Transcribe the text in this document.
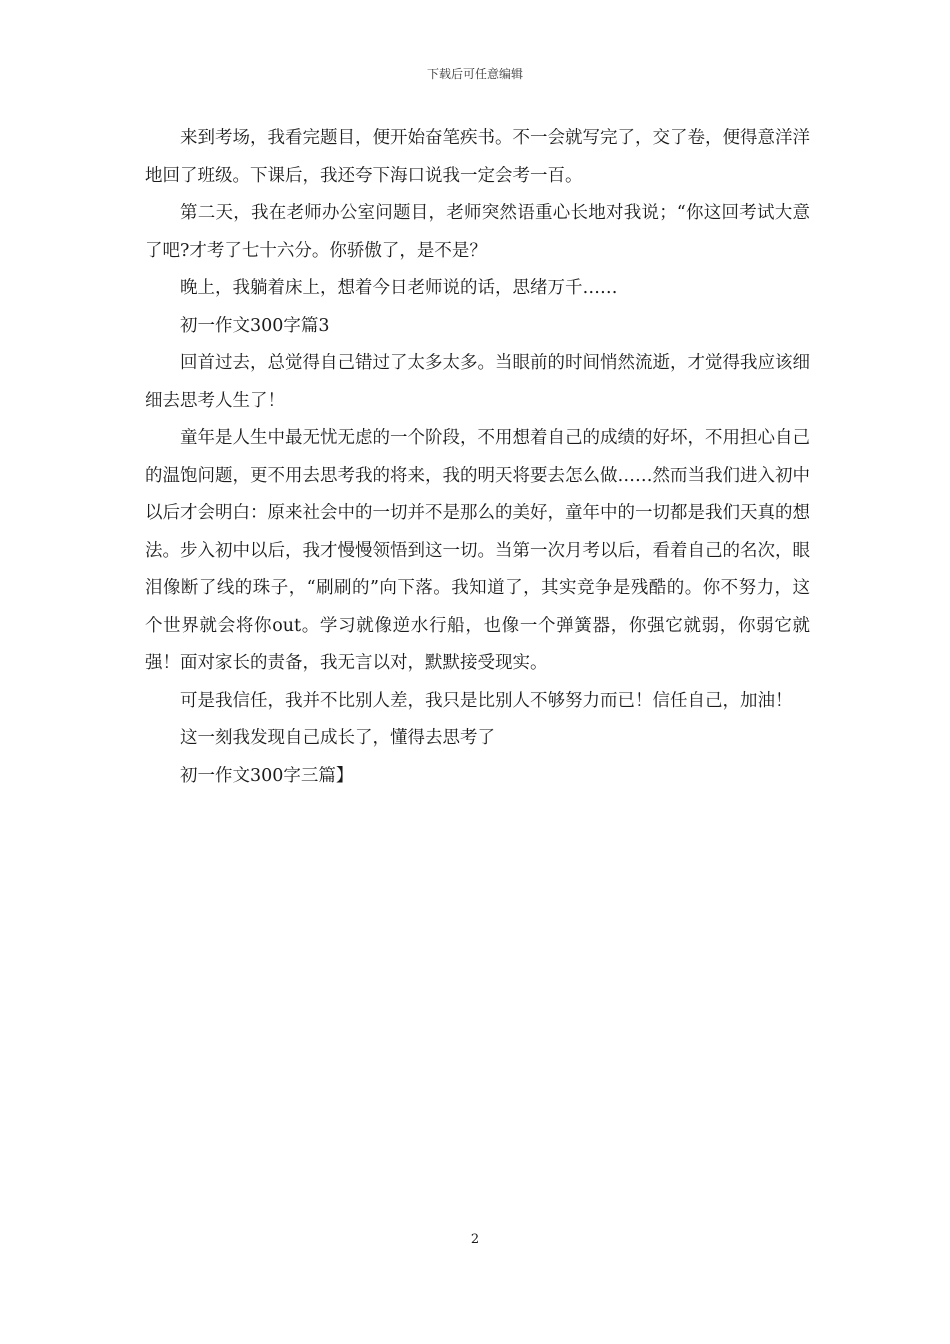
下载后可任意编辑

来到考场，我看完题目，便开始奋笔疾书。不一会就写完了，交了卷，便得意洋洋地回了班级。下课后，我还夸下海口说我一定会考一百。

第二天，我在老师办公室问题目，老师突然语重心长地对我说；“你这回考试大意了吧?才考了七十六分。你骄傲了，是不是？

晚上，我躺着床上，想着今日老师说的话，思绪万千……

初一作文300字篇3

回首过去，总觉得自己错过了太多太多。当眼前的时间悄然流逝，才觉得我应该细细去思考人生了！

童年是人生中最无忧无虑的一个阶段，不用想着自己的成绩的好坏，不用担心自己的温饱问题，更不用去思考我的将来，我的明天将要去怎么做……然而当我们进入初中以后才会明白：原来社会中的一切并不是那么的美好，童年中的一切都是我们天真的想法。步入初中以后，我才慢慢领悟到这一切。当第一次月考以后，看着自己的名次，眼泪像断了线的珠子，“刷刷的”向下落。我知道了，其实竞争是残酷的。你不努力，这个世界就会将你out。学习就像逆水行船，也像一个弹簧器，你强它就弱，你弱它就强！面对家长的责备，我无言以对，默默接受现实。

可是我信任，我并不比别人差，我只是比别人不够努力而已！信任自己，加油！

这一刻我发现自己成长了，懂得去思考了

初一作文300字三篇】

2
